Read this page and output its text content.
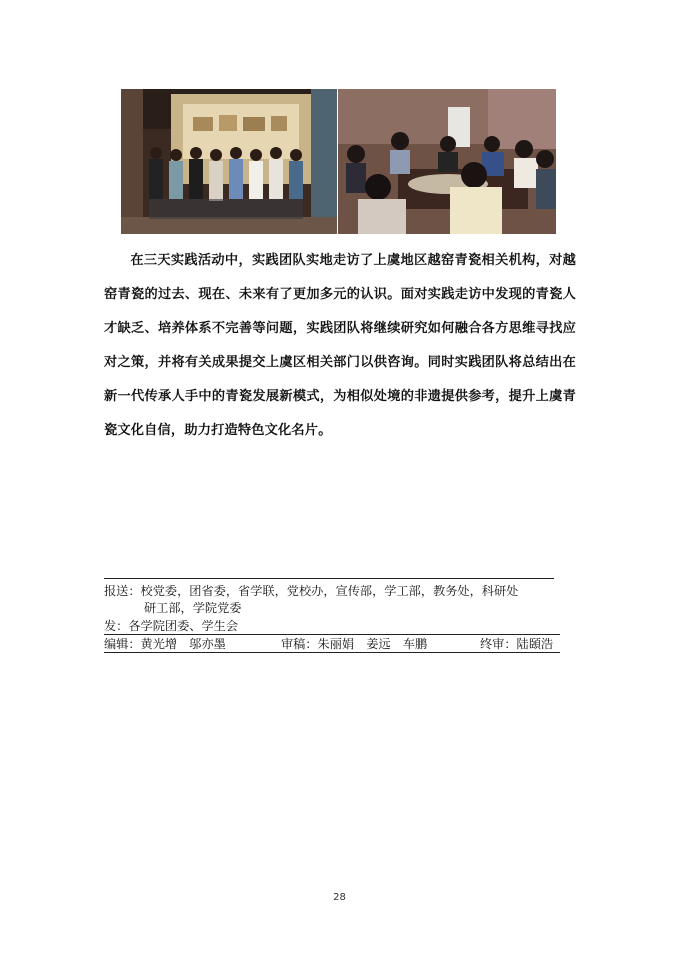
在三天实践活动中，实践团队实地走访了上虞地区越窑青瓷相关机构，对越窑青瓷的过去、现在、未来有了更加多元的认识。面对实践走访中发现的青瓷人才缺乏、培养体系不完善等问题，实践团队将继续研究如何融合各方思维寻找应对之策，并将有关成果提交上虞区相关部门以供咨询。同时实践团队将总结出在新一代传承人手中的青瓷发展新模式，为相似处境的非遗提供参考，提升上虞青瓷文化自信，助力打造特色文化名片。

报送：校党委，团省委，省学联，党校办，宣传部，学工部，教务处，科研处
研工部，学院党委
发：各学院团委、学生会
编辑：黄光增　邬亦墨	审稿：朱丽娟　姜远　车鹏	终审：陆頣浩
28
